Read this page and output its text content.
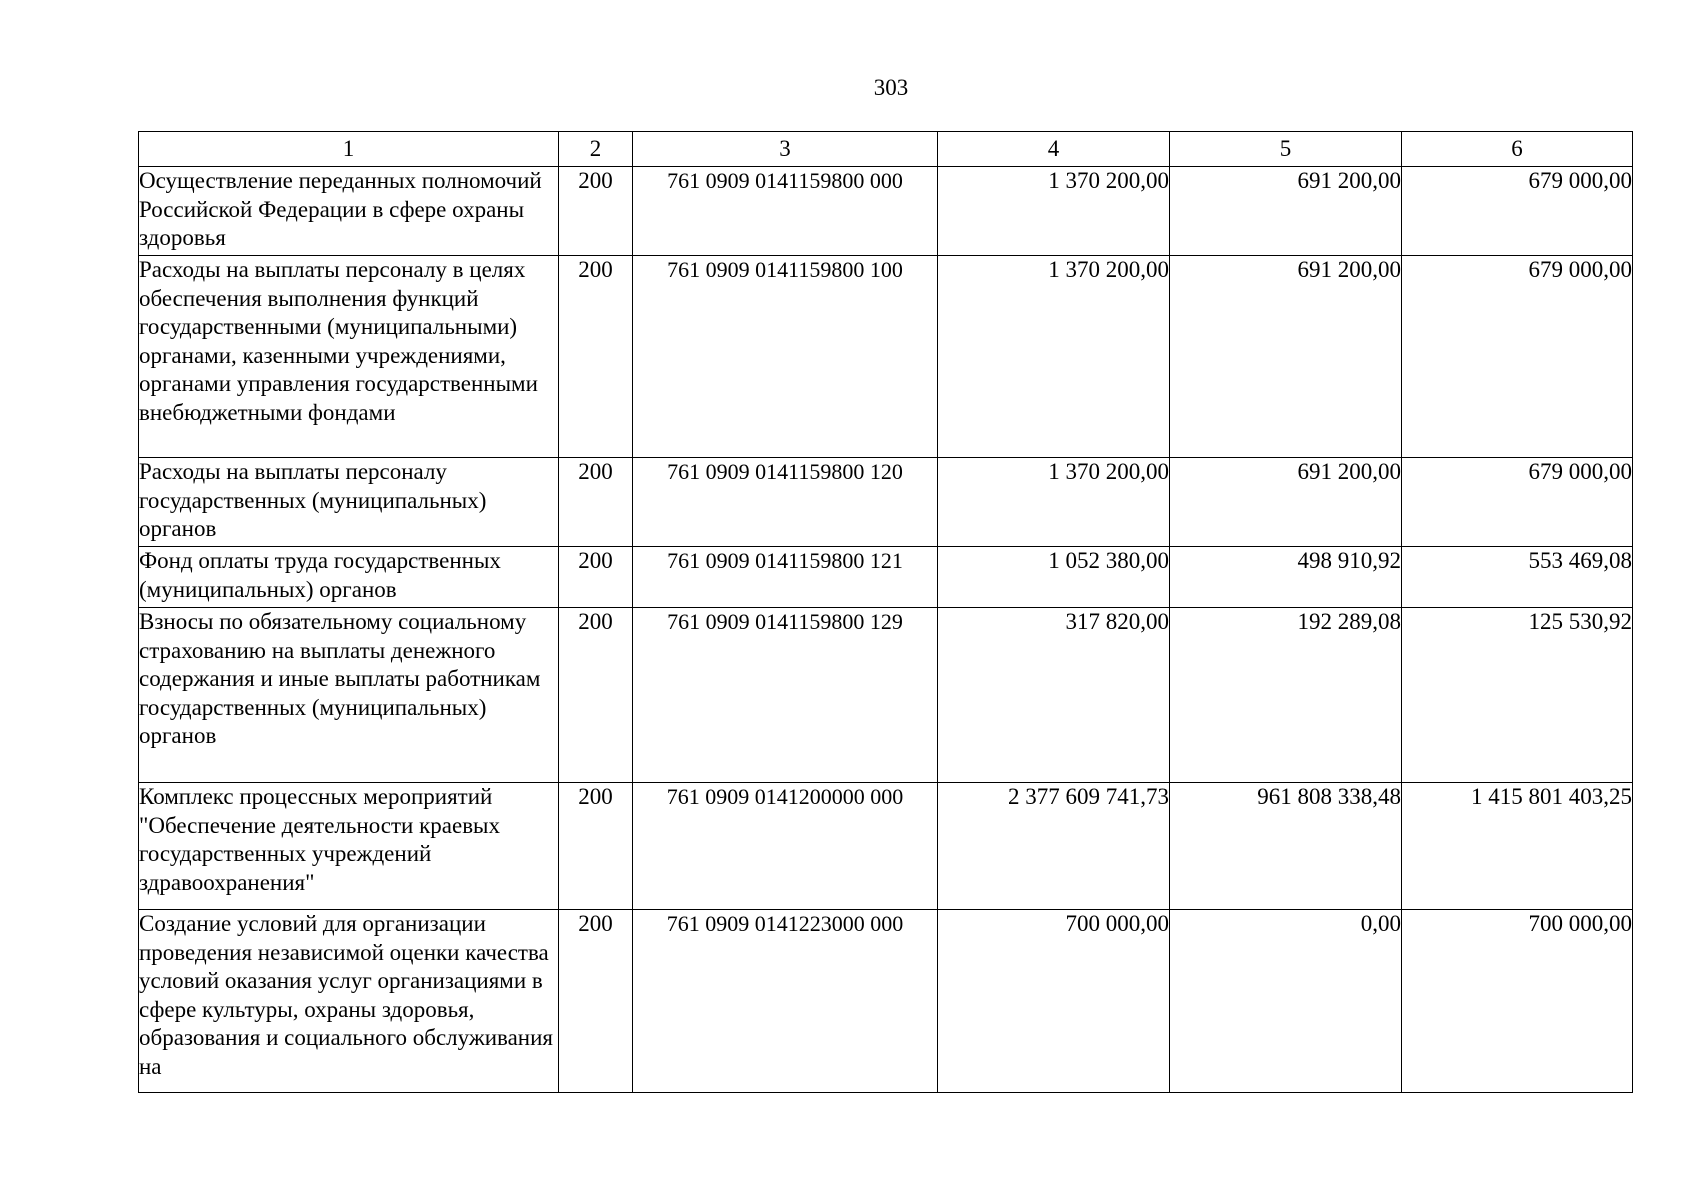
303
1	2	3	4	5	6
Осуществление переданных полномочий Российской Федерации в сфере охраны здоровья	200	761 0909 0141159800 000	1 370 200,00	691 200,00	679 000,00
Расходы на выплаты персоналу в целях обеспечения выполнения функций государственными (муниципальными) органами, казенными учреждениями, органами управления государственными внебюджетными фондами	200	761 0909 0141159800 100	1 370 200,00	691 200,00	679 000,00
Расходы на выплаты персоналу государственных (муниципальных) органов	200	761 0909 0141159800 120	1 370 200,00	691 200,00	679 000,00
Фонд оплаты труда государственных (муниципальных) органов	200	761 0909 0141159800 121	1 052 380,00	498 910,92	553 469,08
Взносы по обязательному социальному страхованию на выплаты денежного содержания и иные выплаты работникам государственных (муниципальных) органов	200	761 0909 0141159800 129	317 820,00	192 289,08	125 530,92
Комплекс процессных мероприятий "Обеспечение деятельности краевых государственных учреждений здравоохранения"	200	761 0909 0141200000 000	2 377 609 741,73	961 808 338,48	1 415 801 403,25
Создание условий для организации проведения независимой оценки качества условий оказания услуг организациями в сфере культуры, охраны здоровья, образования и социального обслуживания на	200	761 0909 0141223000 000	700 000,00	0,00	700 000,00
